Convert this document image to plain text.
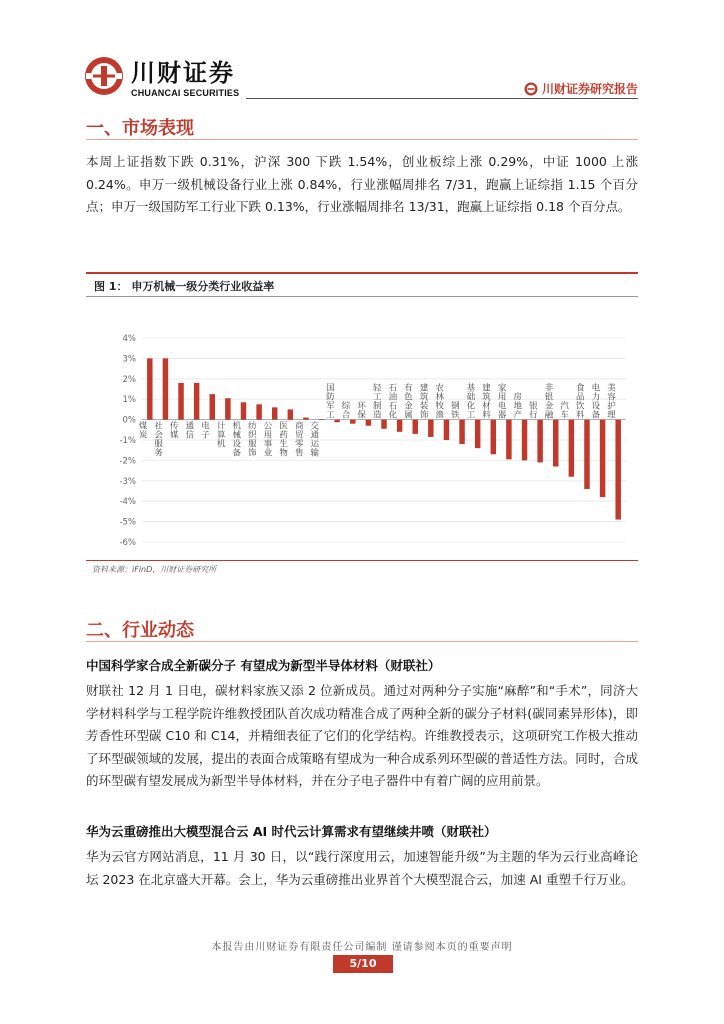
川财证券
CHUANCAI SECURITIES	川财证券研究报告
一、市场表现

本周上证指数下跌 0.31%，沪深 300 下跌 1.54%，创业板综上涨 0.29%，中证 1000 上涨 0.24%。申万一级机械设备行业上涨 0.84%，行业涨幅周排名 7/31，跑赢上证综指 1.15 个百分点；申万一级国防军工行业下跌 0.13%，行业涨幅周排名 13/31，跑赢上证综指 0.18 个百分点。

图 1： 申万机械一级分类行业收益率
4%
3%
2%
1%
0%
-1%
-2%
-3%
-4%
-5%
-6%
煤炭
社会服务
传媒
通信
电子
计算机
机械设备
纺织服饰
公用事业
医药生物
商贸零售
交通运输
国防军工
综合
环保
轻工制造
石油石化
有色金属
建筑装饰
农林牧渔
钢铁
基础化工
建筑材料
家用电器
房地产
银行
非银金融
汽车
食品饮料
电力设备
美容护理
资料来源：iFinD，川财证券研究所
二、行业动态
中国科学家合成全新碳分子 有望成为新型半导体材料（财联社）

财联社 12 月 1 日电，碳材料家族又添 2 位新成员。通过对两种分子实施“麻醉”和“手术”，同济大学材料科学与工程学院许维教授团队首次成功精准合成了两种全新的碳分子材料(碳同素异形体)，即芳香性环型碳 C10 和 C14，并精细表征了它们的化学结构。许维教授表示，这项研究工作极大推动了环型碳领域的发展，提出的表面合成策略有望成为一种合成系列环型碳的普适性方法。同时，合成的环型碳有望发展成为新型半导体材料，并在分子电子器件中有着广阔的应用前景。

华为云重磅推出大模型混合云 AI 时代云计算需求有望继续井喷（财联社）

华为云官方网站消息，11 月 30 日，以“践行深度用云，加速智能升级”为主题的华为云行业高峰论坛 2023 在北京盛大开幕。会上，华为云重磅推出业界首个大模型混合云，加速 AI 重塑千行万业。

本报告由川财证券有限责任公司编制 谨请参阅本页的重要声明
5/10
